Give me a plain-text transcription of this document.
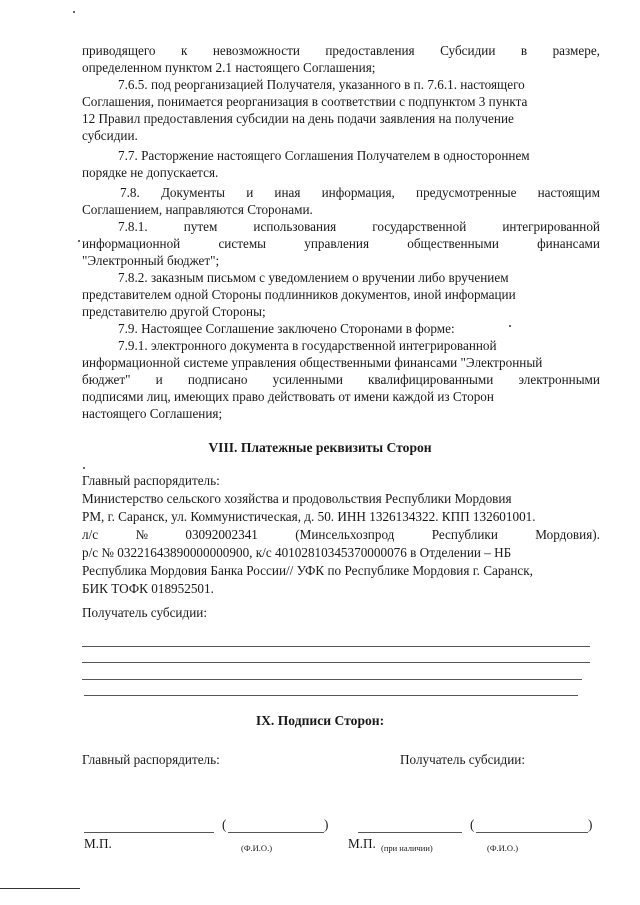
приводящего к невозможности предоставления Субсидии в размере,
определенном пунктом 2.1 настоящего Соглашения;
7.6.5. под реорганизацией Получателя, указанного в п. 7.6.1. настоящего
Соглашения, понимается реорганизация в соответствии с подпунктом 3 пункта
12 Правил предоставления субсидии на день подачи заявления на получение
субсидии.
7.7. Расторжение настоящего Соглашения Получателем в одностороннем
порядке не допускается.
7.8. Документы и иная информация, предусмотренные настоящим
Соглашением, направляются Сторонами.
7.8.1.	путем	использования	государственной	интегрированной
информационной	системы	управления	общественными	финансами
"Электронный бюджет";
7.8.2. заказным письмом с уведомлением о вручении либо вручением
представителем одной Стороны подлинников документов, иной информации
представителю другой Стороны;
7.9. Настоящее Соглашение заключено Сторонами в форме:
7.9.1. электронного документа в государственной интегрированной
информационной системе управления общественными финансами "Электронный
бюджет" и подписано усиленными квалифицированными электронными
подписями лиц, имеющих право действовать от имени каждой из Сторон
настоящего Соглашения;
VIII. Платежные реквизиты Сторон
Главный распорядитель:
Министерство сельского хозяйства и продовольствия Республики Мордовия
РМ, г. Саранск, ул. Коммунистическая, д. 50. ИНН 1326134322. КПП 132601001.
л/с	№	03092002341	(Минсельхозпрод	Республики	Мордовия).
р/с № 03221643890000000900, к/с 40102810345370000076 в Отделении – НБ
Республика Мордовия Банка России// УФК по Республике Мордовия г. Саранск,
БИК ТОФК 018952501.
Получатель субсидии:
IX. Подписи Сторон:
Главный распорядитель:	Получатель субсидии:
(	)
М.П.	(Ф.И.О.)
(	)
М.П. (при наличии)	(Ф.И.О.)
